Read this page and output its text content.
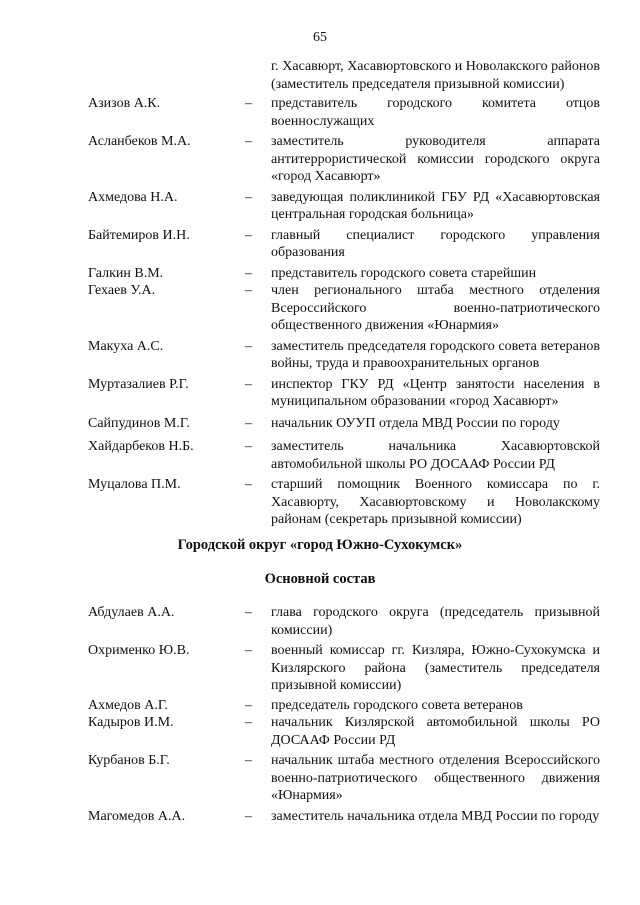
65
г. Хасавюрт, Хасавюртовского и Новолакского районов (заместитель председателя призывной комиссии)
Азизов А.К.	– представитель городского комитета отцов военнослужащих
Асланбеков М.А.	– заместитель руководителя аппарата антитеррористической комиссии городского округа «город Хасавюрт»
Ахмедова Н.А.	– заведующая поликлиникой ГБУ РД «Хасавюртовская центральная городская больница»
Байтемиров И.Н.	– главный специалист городского управления образования
Галкин В.М.	– представитель городского совета старейшин
Гехаев У.А.	– член регионального штаба местного отделения Всероссийского военно-патриотического общественного движения «Юнармия»
Макуха А.С.	– заместитель председателя городского совета ветеранов войны, труда и правоохранительных органов
Муртазалиев Р.Г.	– инспектор ГКУ РД «Центр занятости населения в муниципальном образовании «город Хасавюрт»
Сайпудинов М.Г.	– начальник ОУУП отдела МВД России по городу
Хайдарбеков Н.Б.	– заместитель начальника Хасавюртовской автомобильной школы РО ДОСААФ России РД
Муцалова П.М.	– старший помощник Военного комиссара по г. Хасавюрту, Хасавюртовскому и Новолакскому районам (секретарь призывной комиссии)
Городской округ «город Южно-Сухокумск»
Основной состав
Абдулаев А.А.	– глава городского округа (председатель призывной комиссии)
Охрименко Ю.В.	– военный комиссар гг. Кизляра, Южно-Сухокумска и Кизлярского района (заместитель председателя призывной комиссии)
Ахмедов А.Г.	– председатель городского совета ветеранов
Кадыров И.М.	– начальник Кизлярской автомобильной школы РО ДОСААФ России РД
Курбанов Б.Г.	– начальник штаба местного отделения Всероссийского военно-патриотического общественного движения «Юнармия»
Магомедов А.А.	– заместитель начальника отдела МВД России по городу
